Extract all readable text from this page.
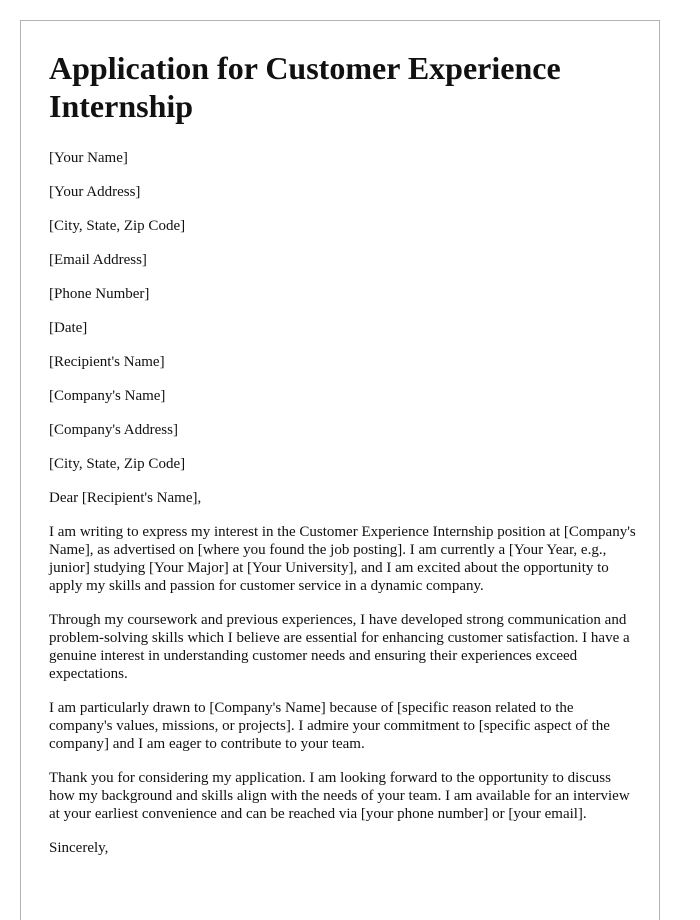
Application for Customer Experience Internship

[Your Name]

[Your Address]

[City, State, Zip Code]

[Email Address]

[Phone Number]

[Date]

[Recipient's Name]

[Company's Name]

[Company's Address]

[City, State, Zip Code]

Dear [Recipient's Name],

I am writing to express my interest in the Customer Experience Internship position at [Company's Name], as advertised on [where you found the job posting]. I am currently a [Your Year, e.g., junior] studying [Your Major] at [Your University], and I am excited about the opportunity to apply my skills and passion for customer service in a dynamic company.

Through my coursework and previous experiences, I have developed strong communication and problem-solving skills which I believe are essential for enhancing customer satisfaction. I have a genuine interest in understanding customer needs and ensuring their experiences exceed expectations.

I am particularly drawn to [Company's Name] because of [specific reason related to the company's values, missions, or projects]. I admire your commitment to [specific aspect of the company] and I am eager to contribute to your team.

Thank you for considering my application. I am looking forward to the opportunity to discuss how my background and skills align with the needs of your team. I am available for an interview at your earliest convenience and can be reached via [your phone number] or [your email].

Sincerely,
